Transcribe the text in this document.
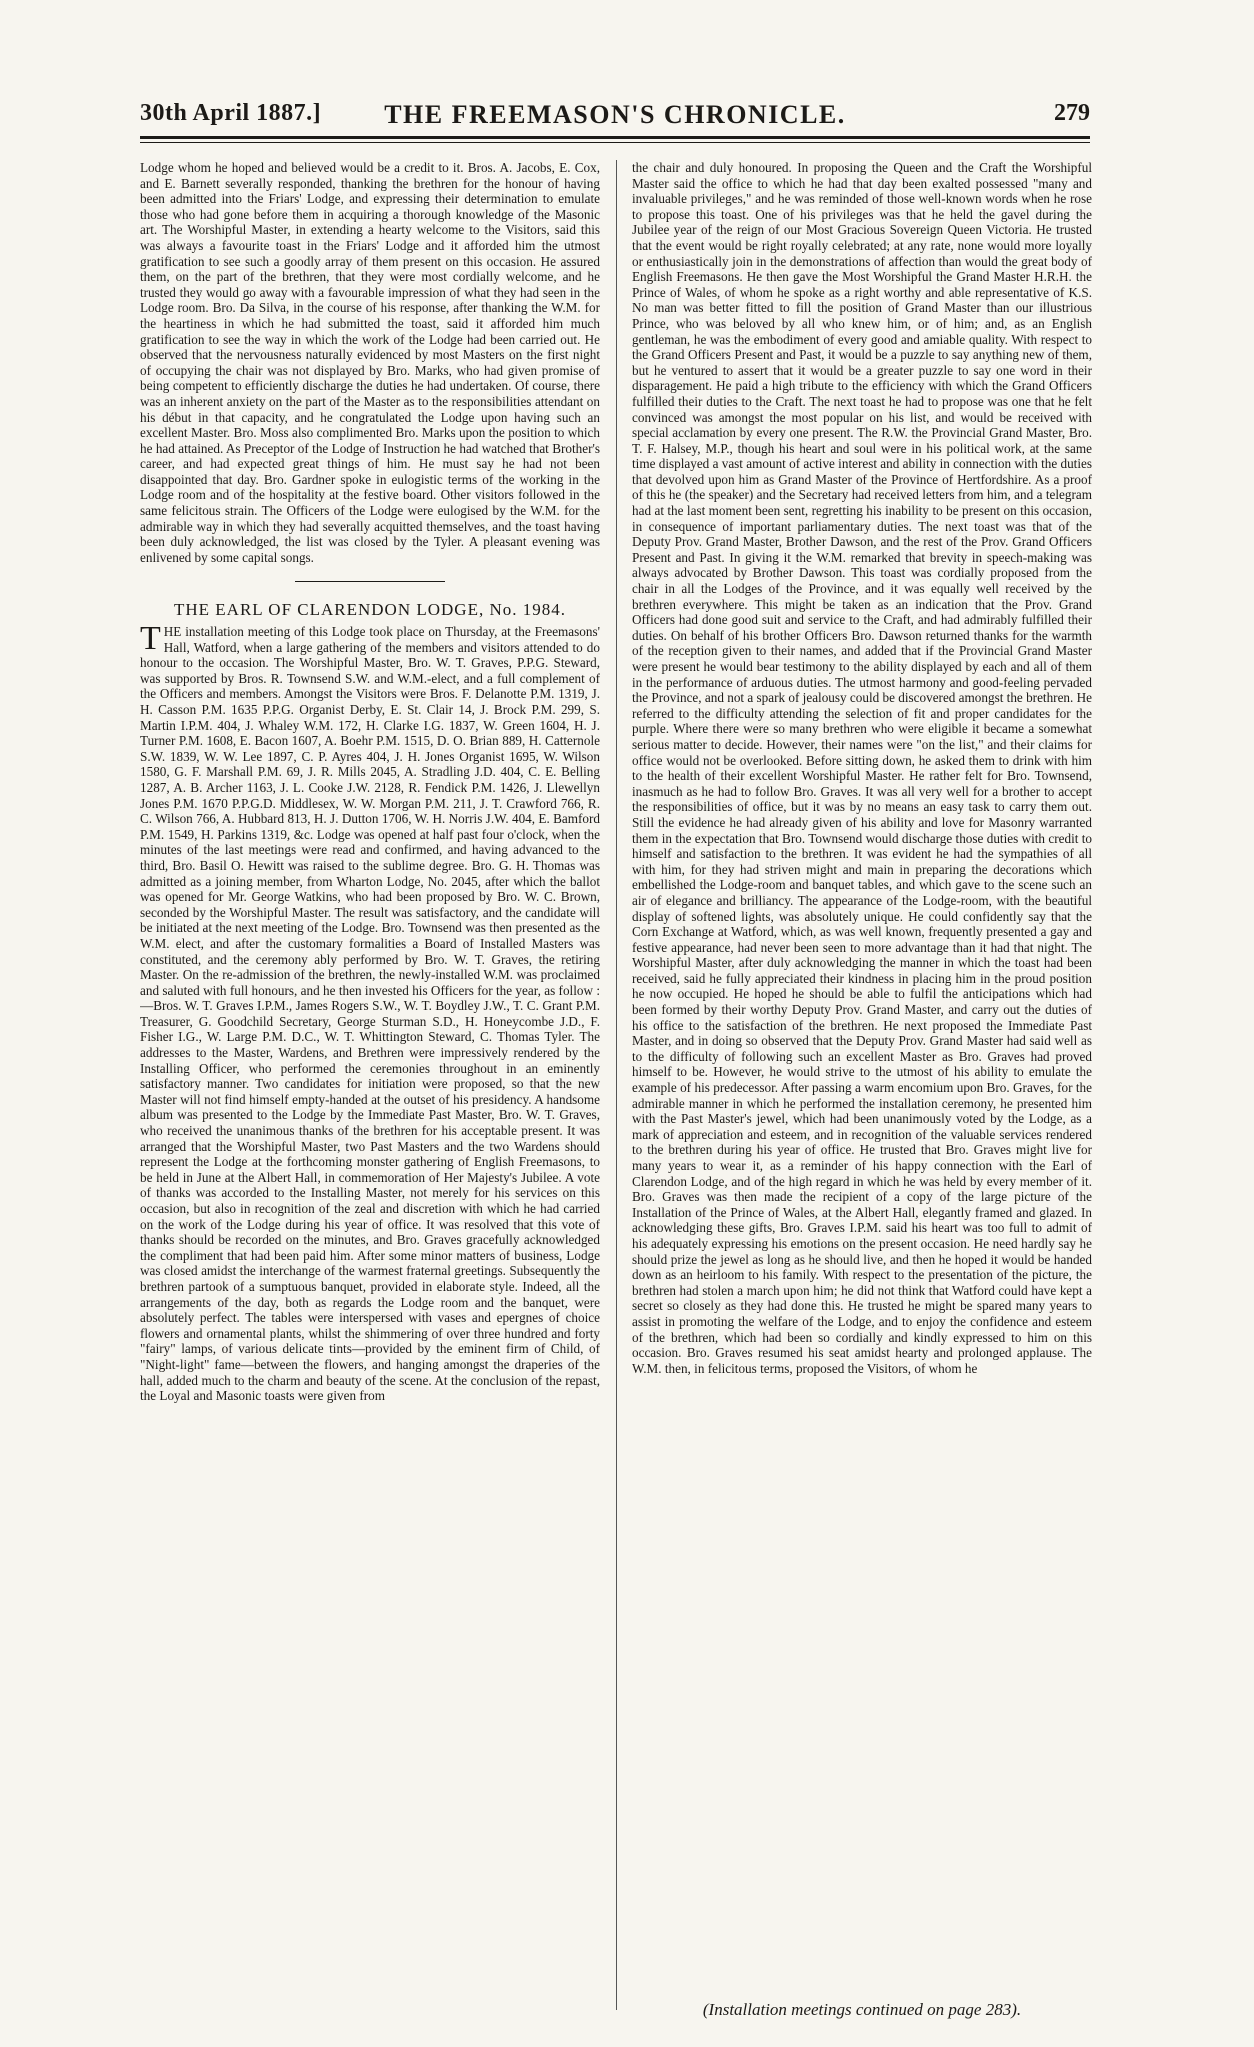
30th April 1887.]	THE FREEMASON'S CHRONICLE.	279

Lodge whom he hoped and believed would be a credit to it. Bros. A. Jacobs, E. Cox, and E. Barnett severally responded, thanking the brethren for the honour of having been admitted into the Friars' Lodge, and expressing their determination to emulate those who had gone before them in acquiring a thorough knowledge of the Masonic art. The Worshipful Master, in extending a hearty welcome to the Visitors, said this was always a favourite toast in the Friars' Lodge and it afforded him the utmost gratification to see such a goodly array of them present on this occasion. He assured them, on the part of the brethren, that they were most cordially welcome, and he trusted they would go away with a favourable impression of what they had seen in the Lodge room. Bro. Da Silva, in the course of his response, after thanking the W.M. for the heartiness in which he had submitted the toast, said it afforded him much gratification to see the way in which the work of the Lodge had been carried out. He observed that the nervousness naturally evidenced by most Masters on the first night of occupying the chair was not displayed by Bro. Marks, who had given promise of being competent to efficiently discharge the duties he had undertaken. Of course, there was an inherent anxiety on the part of the Master as to the responsibilities attendant on his début in that capacity, and he congratulated the Lodge upon having such an excellent Master. Bro. Moss also complimented Bro. Marks upon the position to which he had attained. As Preceptor of the Lodge of Instruction he had watched that Brother's career, and had expected great things of him. He must say he had not been disappointed that day. Bro. Gardner spoke in eulogistic terms of the working in the Lodge room and of the hospitality at the festive board. Other visitors followed in the same felicitous strain. The Officers of the Lodge were eulogised by the W.M. for the admirable way in which they had severally acquitted themselves, and the toast having been duly acknowledged, the list was closed by the Tyler. A pleasant evening was enlivened by some capital songs.

THE EARL OF CLARENDON LODGE, No. 1984.

THE installation meeting of this Lodge took place on Thursday, at the Freemasons' Hall, Watford, when a large gathering of the members and visitors attended to do honour to the occasion. The Worshipful Master, Bro. W. T. Graves, P.P.G. Steward, was supported by Bros. R. Townsend S.W. and W.M.-elect, and a full complement of the Officers and members. Amongst the Visitors were Bros. F. Delanotte P.M. 1319, J. H. Casson P.M. 1635 P.P.G. Organist Derby, E. St. Clair 14, J. Brock P.M. 299, S. Martin I.P.M. 404, J. Whaley W.M. 172, H. Clarke I.G. 1837, W. Green 1604, H. J. Turner P.M. 1608, E. Bacon 1607, A. Boehr P.M. 1515, D. O. Brian 889, H. Catternole S.W. 1839, W. W. Lee 1897, C. P. Ayres 404, J. H. Jones Organist 1695, W. Wilson 1580, G. F. Marshall P.M. 69, J. R. Mills 2045, A. Stradling J.D. 404, C. E. Belling 1287, A. B. Archer 1163, J. L. Cooke J.W. 2128, R. Fendick P.M. 1426, J. Llewellyn Jones P.M. 1670 P.P.G.D. Middlesex, W. W. Morgan P.M. 211, J. T. Crawford 766, R. C. Wilson 766, A. Hubbard 813, H. J. Dutton 1706, W. H. Norris J.W. 404, E. Bamford P.M. 1549, H. Parkins 1319, &c. Lodge was opened at half past four o'clock, when the minutes of the last meetings were read and confirmed, and having advanced to the third, Bro. Basil O. Hewitt was raised to the sublime degree. Bro. G. H. Thomas was admitted as a joining member, from Wharton Lodge, No. 2045, after which the ballot was opened for Mr. George Watkins, who had been proposed by Bro. W. C. Brown, seconded by the Worshipful Master. The result was satisfactory, and the candidate will be initiated at the next meeting of the Lodge. Bro. Townsend was then presented as the W.M. elect, and after the customary formalities a Board of Installed Masters was constituted, and the ceremony ably performed by Bro. W. T. Graves, the retiring Master. On the re-admission of the brethren, the newly-installed W.M. was proclaimed and saluted with full honours, and he then invested his Officers for the year, as follow :—Bros. W. T. Graves I.P.M., James Rogers S.W., W. T. Boydley J.W., T. C. Grant P.M. Treasurer, G. Goodchild Secretary, George Sturman S.D., H. Honeycombe J.D., F. Fisher I.G., W. Large P.M. D.C., W. T. Whittington Steward, C. Thomas Tyler. The addresses to the Master, Wardens, and Brethren were impressively rendered by the Installing Officer, who performed the ceremonies throughout in an eminently satisfactory manner. Two candidates for initiation were proposed, so that the new Master will not find himself empty-handed at the outset of his presidency. A handsome album was presented to the Lodge by the Immediate Past Master, Bro. W. T. Graves, who received the unanimous thanks of the brethren for his acceptable present. It was arranged that the Worshipful Master, two Past Masters and the two Wardens should represent the Lodge at the forthcoming monster gathering of English Freemasons, to be held in June at the Albert Hall, in commemoration of Her Majesty's Jubilee. A vote of thanks was accorded to the Installing Master, not merely for his services on this occasion, but also in recognition of the zeal and discretion with which he had carried on the work of the Lodge during his year of office. It was resolved that this vote of thanks should be recorded on the minutes, and Bro. Graves gracefully acknowledged the compliment that had been paid him. After some minor matters of business, Lodge was closed amidst the interchange of the warmest fraternal greetings. Subsequently the brethren partook of a sumptuous banquet, provided in elaborate style. Indeed, all the arrangements of the day, both as regards the Lodge room and the banquet, were absolutely perfect. The tables were interspersed with vases and epergnes of choice flowers and ornamental plants, whilst the shimmering of over three hundred and forty "fairy" lamps, of various delicate tints—provided by the eminent firm of Child, of "Night-light" fame—between the flowers, and hanging amongst the draperies of the hall, added much to the charm and beauty of the scene. At the conclusion of the repast, the Loyal and Masonic toasts were given from

the chair and duly honoured. In proposing the Queen and the Craft the Worshipful Master said the office to which he had that day been exalted possessed "many and invaluable privileges," and he was reminded of those well-known words when he rose to propose this toast. One of his privileges was that he held the gavel during the Jubilee year of the reign of our Most Gracious Sovereign Queen Victoria. He trusted that the event would be right royally celebrated; at any rate, none would more loyally or enthusiastically join in the demonstrations of affection than would the great body of English Freemasons. He then gave the Most Worshipful the Grand Master H.R.H. the Prince of Wales, of whom he spoke as a right worthy and able representative of K.S. No man was better fitted to fill the position of Grand Master than our illustrious Prince, who was beloved by all who knew him, or of him; and, as an English gentleman, he was the embodiment of every good and amiable quality. With respect to the Grand Officers Present and Past, it would be a puzzle to say anything new of them, but he ventured to assert that it would be a greater puzzle to say one word in their disparagement. He paid a high tribute to the efficiency with which the Grand Officers fulfilled their duties to the Craft. The next toast he had to propose was one that he felt convinced was amongst the most popular on his list, and would be received with special acclamation by every one present. The R.W. the Provincial Grand Master, Bro. T. F. Halsey, M.P., though his heart and soul were in his political work, at the same time displayed a vast amount of active interest and ability in connection with the duties that devolved upon him as Grand Master of the Province of Hertfordshire. As a proof of this he (the speaker) and the Secretary had received letters from him, and a telegram had at the last moment been sent, regretting his inability to be present on this occasion, in consequence of important parliamentary duties. The next toast was that of the Deputy Prov. Grand Master, Brother Dawson, and the rest of the Prov. Grand Officers Present and Past. In giving it the W.M. remarked that brevity in speech-making was always advocated by Brother Dawson. This toast was cordially proposed from the chair in all the Lodges of the Province, and it was equally well received by the brethren everywhere. This might be taken as an indication that the Prov. Grand Officers had done good suit and service to the Craft, and had admirably fulfilled their duties. On behalf of his brother Officers Bro. Dawson returned thanks for the warmth of the reception given to their names, and added that if the Provincial Grand Master were present he would bear testimony to the ability displayed by each and all of them in the performance of arduous duties. The utmost harmony and good-feeling pervaded the Province, and not a spark of jealousy could be discovered amongst the brethren. He referred to the difficulty attending the selection of fit and proper candidates for the purple. Where there were so many brethren who were eligible it became a somewhat serious matter to decide. However, their names were "on the list," and their claims for office would not be overlooked. Before sitting down, he asked them to drink with him to the health of their excellent Worshipful Master. He rather felt for Bro. Townsend, inasmuch as he had to follow Bro. Graves. It was all very well for a brother to accept the responsibilities of office, but it was by no means an easy task to carry them out. Still the evidence he had already given of his ability and love for Masonry warranted them in the expectation that Bro. Townsend would discharge those duties with credit to himself and satisfaction to the brethren. It was evident he had the sympathies of all with him, for they had striven might and main in preparing the decorations which embellished the Lodge-room and banquet tables, and which gave to the scene such an air of elegance and brilliancy. The appearance of the Lodge-room, with the beautiful display of softened lights, was absolutely unique. He could confidently say that the Corn Exchange at Watford, which, as was well known, frequently presented a gay and festive appearance, had never been seen to more advantage than it had that night. The Worshipful Master, after duly acknowledging the manner in which the toast had been received, said he fully appreciated their kindness in placing him in the proud position he now occupied. He hoped he should be able to fulfil the anticipations which had been formed by their worthy Deputy Prov. Grand Master, and carry out the duties of his office to the satisfaction of the brethren. He next proposed the Immediate Past Master, and in doing so observed that the Deputy Prov. Grand Master had said well as to the difficulty of following such an excellent Master as Bro. Graves had proved himself to be. However, he would strive to the utmost of his ability to emulate the example of his predecessor. After passing a warm encomium upon Bro. Graves, for the admirable manner in which he performed the installation ceremony, he presented him with the Past Master's jewel, which had been unanimously voted by the Lodge, as a mark of appreciation and esteem, and in recognition of the valuable services rendered to the brethren during his year of office. He trusted that Bro. Graves might live for many years to wear it, as a reminder of his happy connection with the Earl of Clarendon Lodge, and of the high regard in which he was held by every member of it. Bro. Graves was then made the recipient of a copy of the large picture of the Installation of the Prince of Wales, at the Albert Hall, elegantly framed and glazed. In acknowledging these gifts, Bro. Graves I.P.M. said his heart was too full to admit of his adequately expressing his emotions on the present occasion. He need hardly say he should prize the jewel as long as he should live, and then he hoped it would be handed down as an heirloom to his family. With respect to the presentation of the picture, the brethren had stolen a march upon him; he did not think that Watford could have kept a secret so closely as they had done this. He trusted he might be spared many years to assist in promoting the welfare of the Lodge, and to enjoy the confidence and esteem of the brethren, which had been so cordially and kindly expressed to him on this occasion. Bro. Graves resumed his seat amidst hearty and prolonged applause. The W.M. then, in felicitous terms, proposed the Visitors, of whom he

(Installation meetings continued on page 283).
